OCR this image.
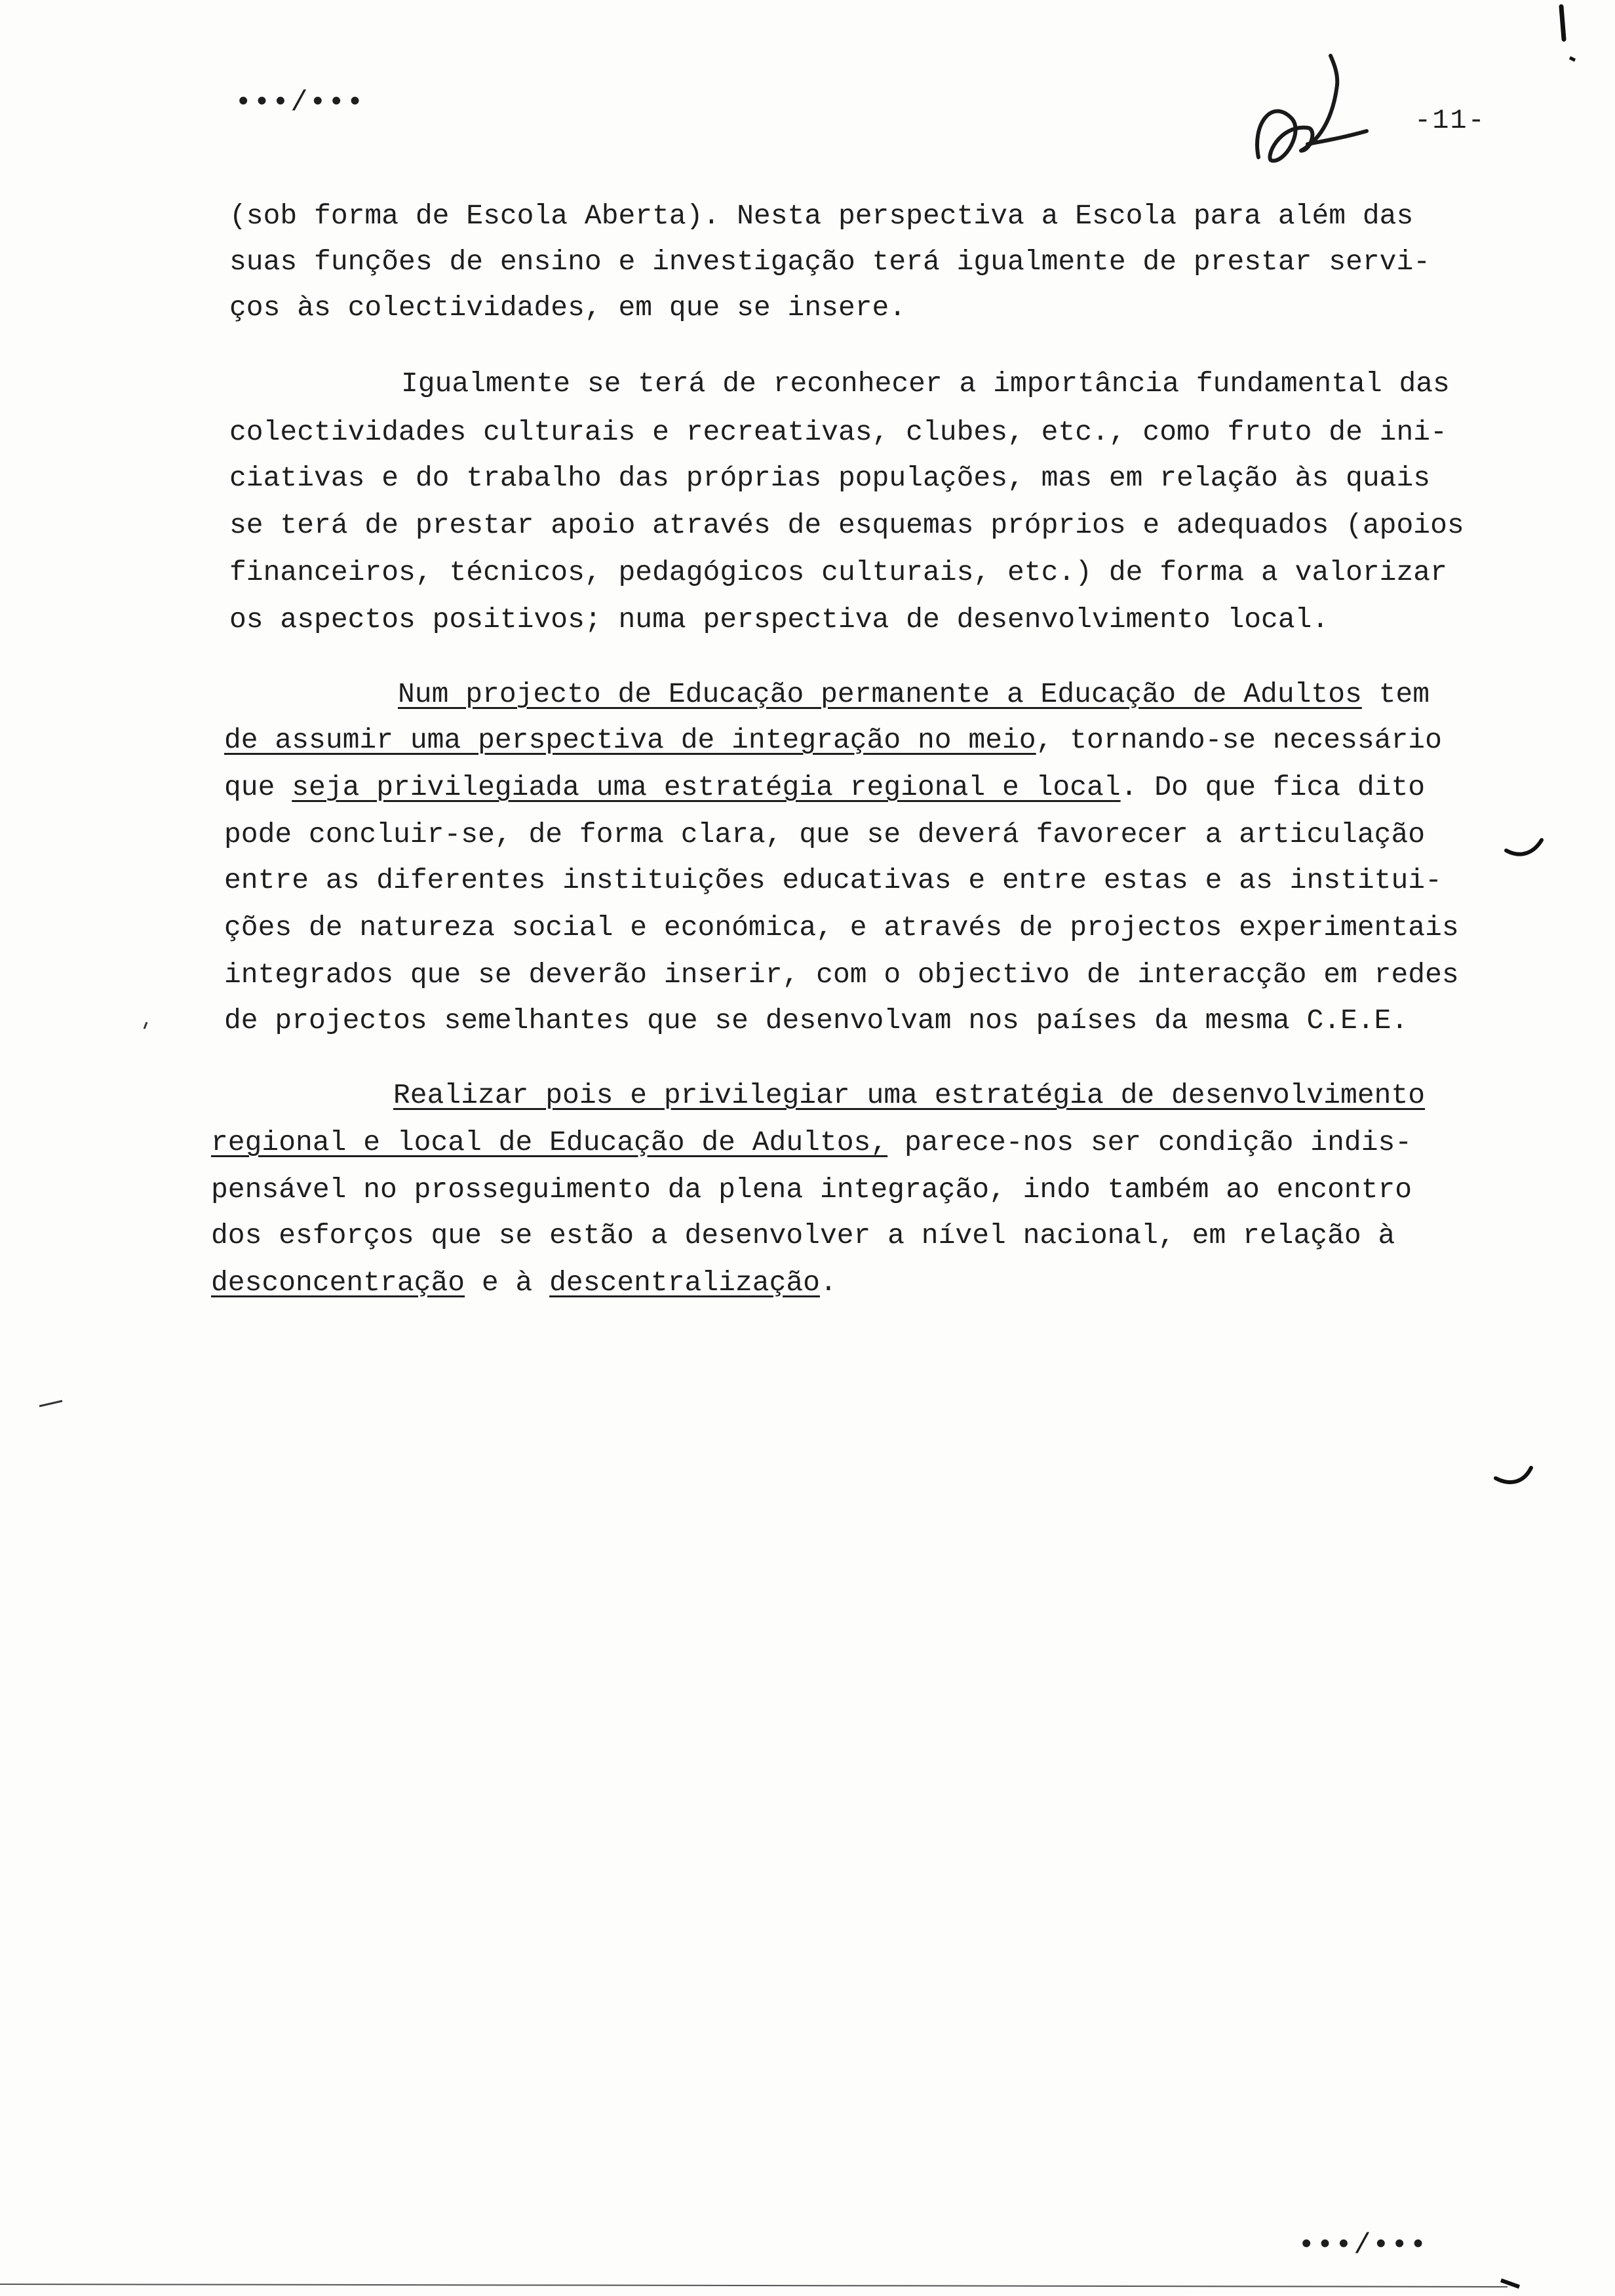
•••/•••
-11-
(sob forma de Escola Aberta). Nesta perspectiva a Escola para além das
suas funções de ensino e investigação terá igualmente de prestar servi-
ços às colectividades, em que se insere.
Igualmente se terá de reconhecer a importância fundamental das
colectividades culturais e recreativas, clubes, etc., como fruto de ini-
ciativas e do trabalho das próprias populações, mas em relação às quais
se terá de prestar apoio através de esquemas próprios e adequados (apoios
financeiros, técnicos, pedagógicos culturais, etc.) de forma a valorizar
os aspectos positivos; numa perspectiva de desenvolvimento local.
Num projecto de Educação permanente a Educação de Adultos tem
de assumir uma perspectiva de integração no meio, tornando-se necessário
que seja privilegiada uma estratégia regional e local. Do que fica dito
pode concluir-se, de forma clara, que se deverá favorecer a articulação
entre as diferentes instituições educativas e entre estas e as institui-
ções de natureza social e económica, e através de projectos experimentais
integrados que se deverão inserir, com o objectivo de interacção em redes
de projectos semelhantes que se desenvolvam nos países da mesma C.E.E.
Realizar pois e privilegiar uma estratégia de desenvolvimento
regional e local de Educação de Adultos, parece-nos ser condição indis-
pensável no prosseguimento da plena integração, indo também ao encontro
dos esforços que se estão a desenvolver a nível nacional, em relação à
desconcentração e à descentralização.
•••/•••
